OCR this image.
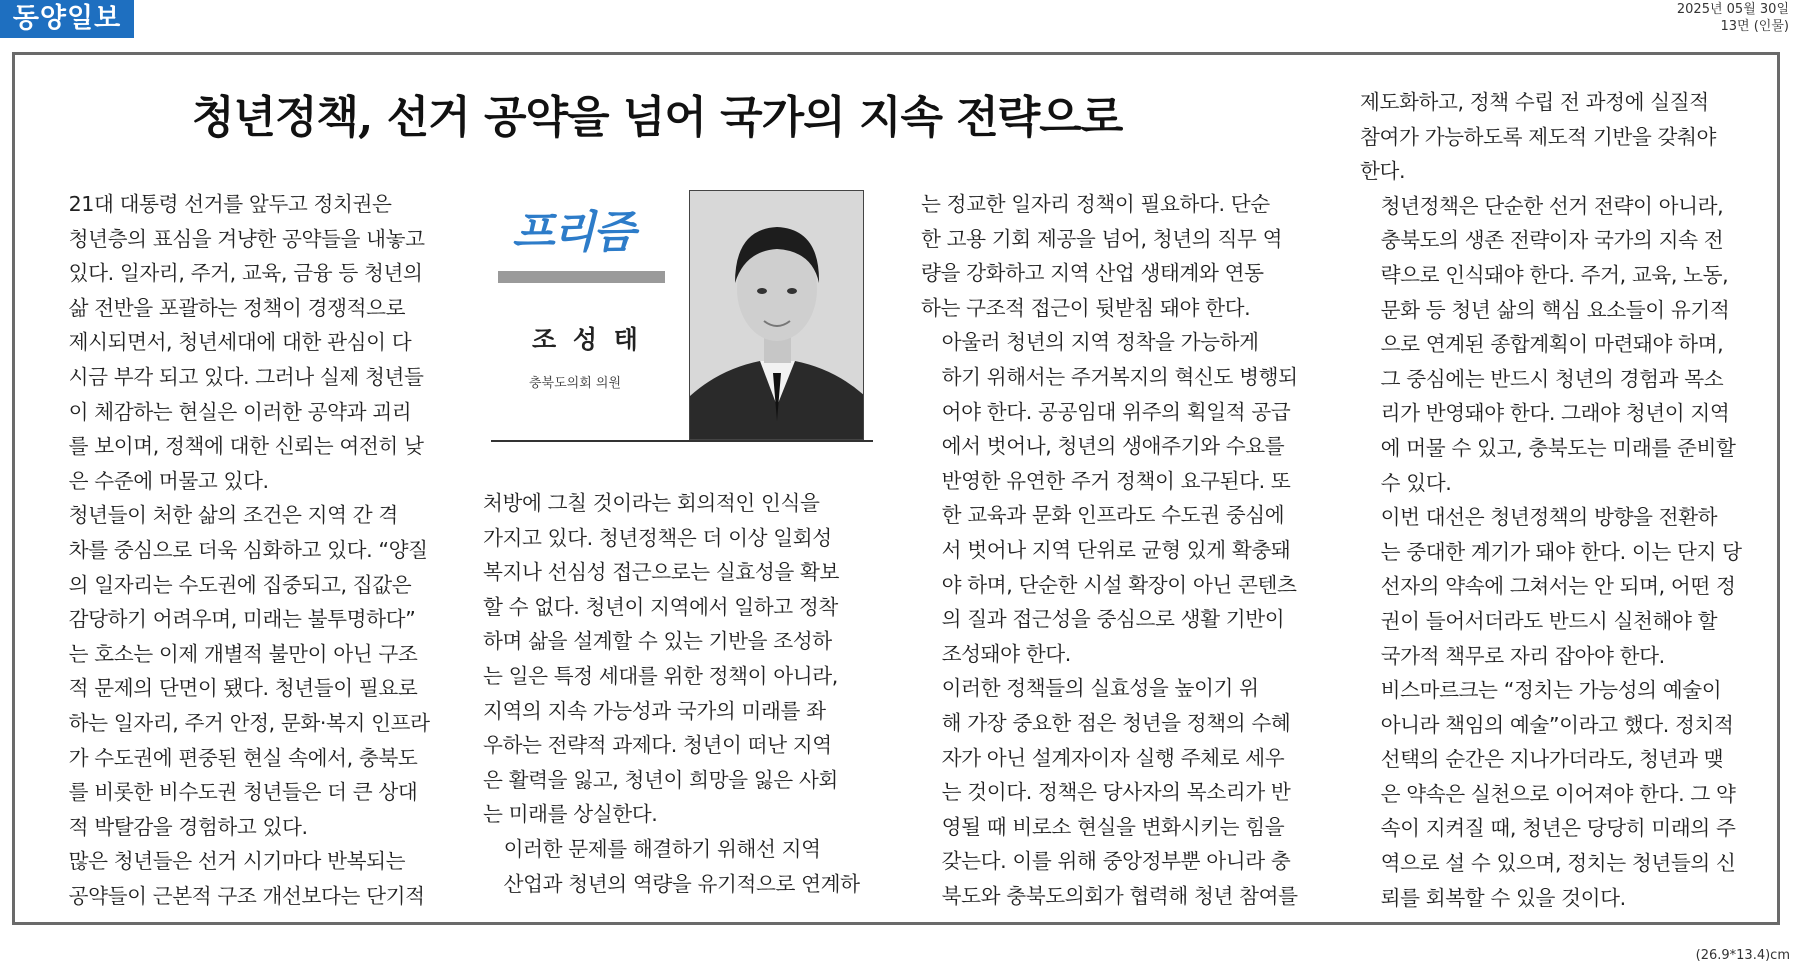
동양일보	2025년 05월 30일
13면 (인물)
청년정책, 선거 공약을 넘어 국가의 지속 전략으로
프리즘
조 성 태
충북도의회 의원

21대 대통령 선거를 앞두고 정치권은
청년층의 표심을 겨냥한 공약들을 내놓고
있다. 일자리, 주거, 교육, 금융 등 청년의
삶 전반을 포괄하는 정책이 경쟁적으로
제시되면서, 청년세대에 대한 관심이 다
시금 부각 되고 있다. 그러나 실제 청년들
이 체감하는 현실은 이러한 공약과 괴리
를 보이며, 정책에 대한 신뢰는 여전히 낮
은 수준에 머물고 있다.

청년들이 처한 삶의 조건은 지역 간 격
차를 중심으로 더욱 심화하고 있다. “양질
의 일자리는 수도권에 집중되고, 집값은
감당하기 어려우며, 미래는 불투명하다”
는 호소는 이제 개별적 불만이 아닌 구조
적 문제의 단면이 됐다. 청년들이 필요로
하는 일자리, 주거 안정, 문화·복지 인프라
가 수도권에 편중된 현실 속에서, 충북도
를 비롯한 비수도권 청년들은 더 큰 상대
적 박탈감을 경험하고 있다.

많은 청년들은 선거 시기마다 반복되는
공약들이 근본적 구조 개선보다는 단기적

처방에 그칠 것이라는 회의적인 인식을
가지고 있다. 청년정책은 더 이상 일회성
복지나 선심성 접근으로는 실효성을 확보
할 수 없다. 청년이 지역에서 일하고 정착
하며 삶을 설계할 수 있는 기반을 조성하
는 일은 특정 세대를 위한 정책이 아니라,
지역의 지속 가능성과 국가의 미래를 좌
우하는 전략적 과제다. 청년이 떠난 지역
은 활력을 잃고, 청년이 희망을 잃은 사회
는 미래를 상실한다.

이러한 문제를 해결하기 위해선 지역
산업과 청년의 역량을 유기적으로 연계하

는 정교한 일자리 정책이 필요하다. 단순
한 고용 기회 제공을 넘어, 청년의 직무 역
량을 강화하고 지역 산업 생태계와 연동
하는 구조적 접근이 뒷받침 돼야 한다.

아울러 청년의 지역 정착을 가능하게
하기 위해서는 주거복지의 혁신도 병행되
어야 한다. 공공임대 위주의 획일적 공급
에서 벗어나, 청년의 생애주기와 수요를
반영한 유연한 주거 정책이 요구된다. 또
한 교육과 문화 인프라도 수도권 중심에
서 벗어나 지역 단위로 균형 있게 확충돼
야 하며, 단순한 시설 확장이 아닌 콘텐츠
의 질과 접근성을 중심으로 생활 기반이
조성돼야 한다.

이러한 정책들의 실효성을 높이기 위
해 가장 중요한 점은 청년을 정책의 수혜
자가 아닌 설계자이자 실행 주체로 세우
는 것이다. 정책은 당사자의 목소리가 반
영될 때 비로소 현실을 변화시키는 힘을
갖는다. 이를 위해 중앙정부뿐 아니라 충
북도와 충북도의회가 협력해 청년 참여를

제도화하고, 정책 수립 전 과정에 실질적
참여가 가능하도록 제도적 기반을 갖춰야
한다.

청년정책은 단순한 선거 전략이 아니라,
충북도의 생존 전략이자 국가의 지속 전
략으로 인식돼야 한다. 주거, 교육, 노동,
문화 등 청년 삶의 핵심 요소들이 유기적
으로 연계된 종합계획이 마련돼야 하며,
그 중심에는 반드시 청년의 경험과 목소
리가 반영돼야 한다. 그래야 청년이 지역
에 머물 수 있고, 충북도는 미래를 준비할
수 있다.

이번 대선은 청년정책의 방향을 전환하
는 중대한 계기가 돼야 한다. 이는 단지 당
선자의 약속에 그쳐서는 안 되며, 어떤 정
권이 들어서더라도 반드시 실천해야 할
국가적 책무로 자리 잡아야 한다.

비스마르크는 “정치는 가능성의 예술이
아니라 책임의 예술”이라고 했다. 정치적
선택의 순간은 지나가더라도, 청년과 맺
은 약속은 실천으로 이어져야 한다. 그 약
속이 지켜질 때, 청년은 당당히 미래의 주
역으로 설 수 있으며, 정치는 청년들의 신
뢰를 회복할 수 있을 것이다.

(26.9*13.4)cm
